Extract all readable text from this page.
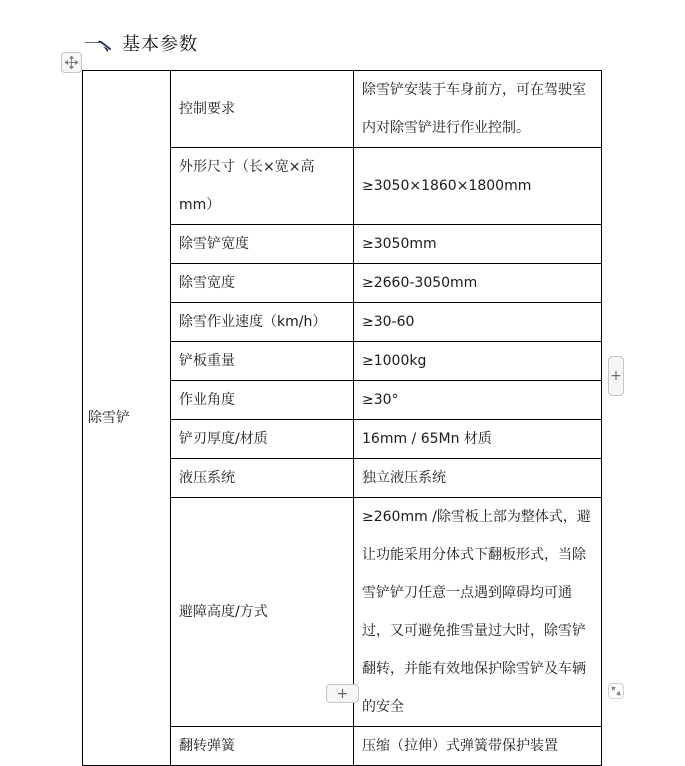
一、基本参数
除雪铲	控制要求	除雪铲安装于车身前方，可在驾驶室内对除雪铲进行作业控制。
	外形尺寸（长×宽×高 mm）	≥3050×1860×1800mm
	除雪铲宽度	≥3050mm
	除雪宽度	≥2660-3050mm
	除雪作业速度（km/h）	≥30-60
	铲板重量	≥1000kg
	作业角度	≥30°
	铲刃厚度/材质	16mm / 65Mn 材质
	液压系统	独立液压系统
	避障高度/方式	≥260mm /除雪板上部为整体式，避让功能采用分体式下翻板形式，当除雪铲铲刀任意一点遇到障碍均可通过，又可避免推雪量过大时，除雪铲翻转，并能有效地保护除雪铲及车辆的安全
	翻转弹簧	压缩（拉伸）式弹簧带保护装置
+
+
